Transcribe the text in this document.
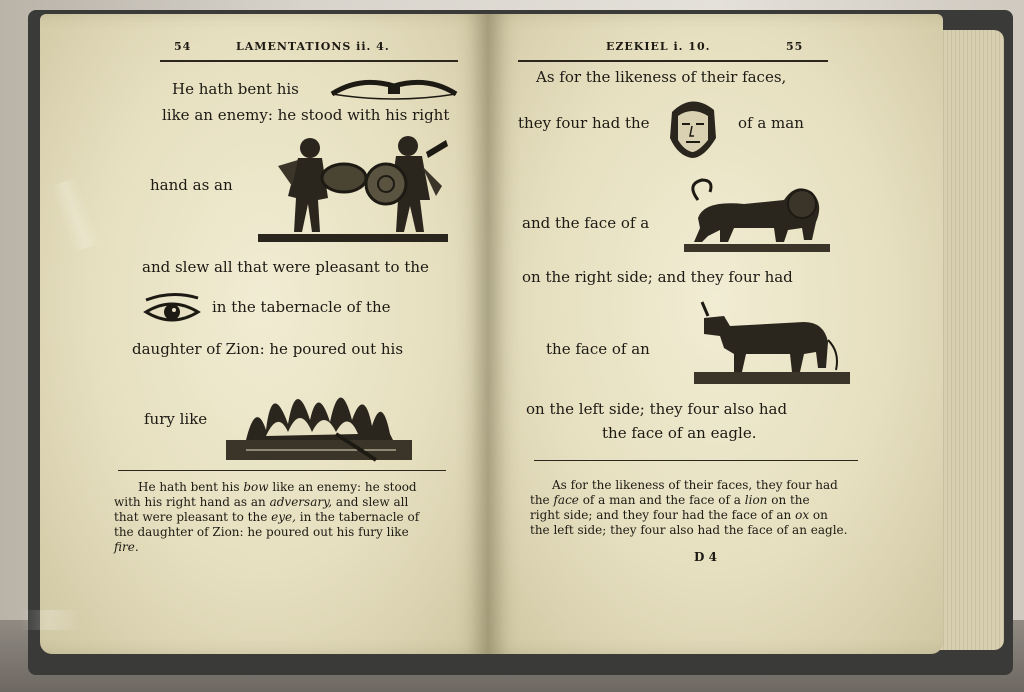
54	LAMENTATIONS ii. 4.
He hath bent his
like an enemy: he stood with his right
hand as an
and slew all that were pleasant to the
in the tabernacle of the
daughter of Zion: he poured out his
fury like
He hath bent his bow like an enemy: he stood
with his right hand as an adversary, and slew all
that were pleasant to the eye, in the tabernacle of
the daughter of Zion: he poured out his fury like
fire.
EZEKIEL i. 10.	55
As for the likeness of their faces,
they four had the	of a man
and the face of a
on the right side; and they four had
the face of an
on the left side; they four also had
the face of an eagle.
As for the likeness of their faces, they four had
the face of a man and the face of a lion on the
right side; and they four had the face of an ox on
the left side; they four also had the face of an eagle.
D 4
